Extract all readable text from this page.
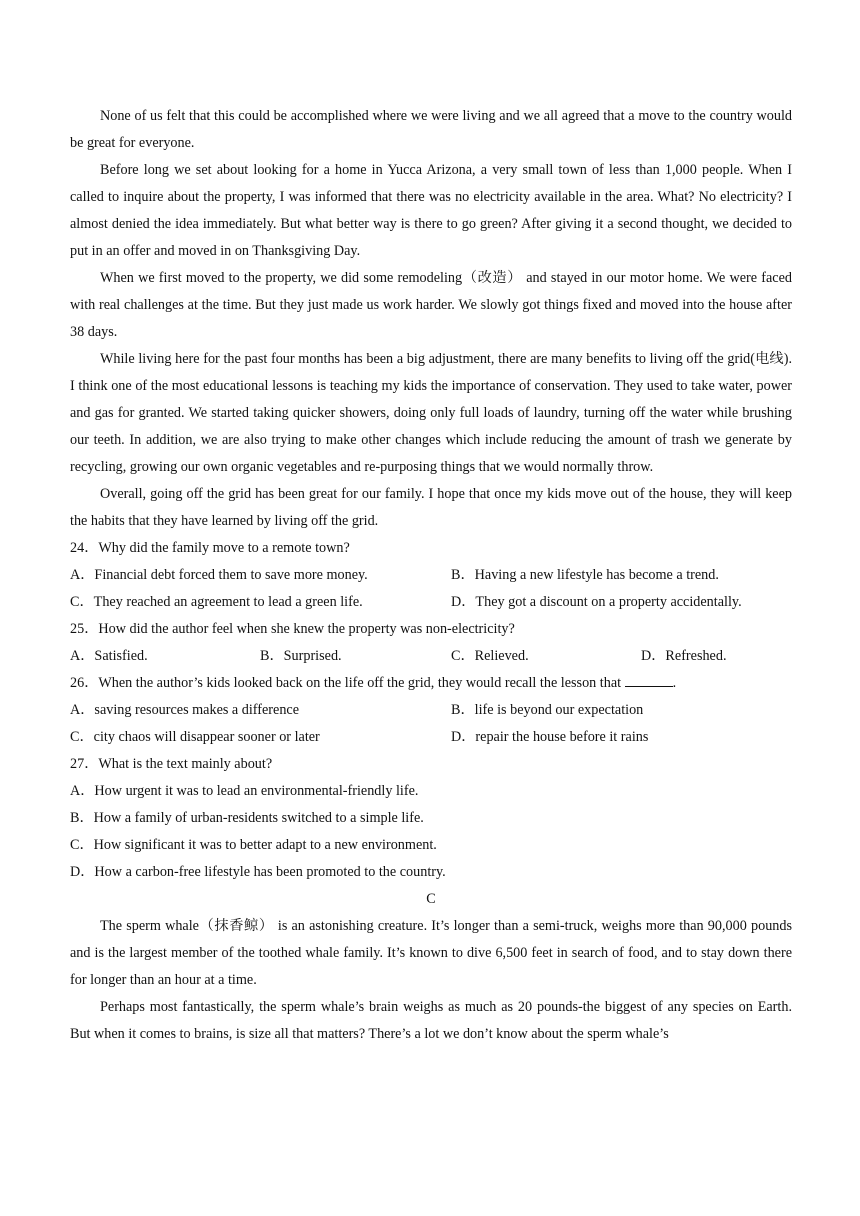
None of us felt that this could be accomplished where we were living and we all agreed that a move to the country would be great for everyone.

Before long we set about looking for a home in Yucca Arizona, a very small town of less than 1,000 people. When I called to inquire about the property, I was informed that there was no electricity available in the area. What? No electricity? I almost denied the idea immediately. But what better way is there to go green? After giving it a second thought, we decided to put in an offer and moved in on Thanksgiving Day.

When we first moved to the property, we did some remodeling（改造） and stayed in our motor home. We were faced with real challenges at the time. But they just made us work harder. We slowly got things fixed and moved into the house after 38 days.

While living here for the past four months has been a big adjustment, there are many benefits to living off the grid(电线). I think one of the most educational lessons is teaching my kids the importance of conservation. They used to take water, power and gas for granted. We started taking quicker showers, doing only full loads of laundry, turning off the water while brushing our teeth. In addition, we are also trying to make other changes which include reducing the amount of trash we generate by recycling, growing our own organic vegetables and re-purposing things that we would normally throw.

Overall, going off the grid has been great for our family. I hope that once my kids move out of the house, they will keep the habits that they have learned by living off the grid.

24．Why did the family move to a remote town?

A．Financial debt forced them to save more money.	B．Having a new lifestyle has become a trend.
C．They reached an agreement to lead a green life.	D．They got a discount on a property accidentally.

25．How did the author feel when she knew the property was non-electricity?

A．Satisfied.	B．Surprised.	C．Relieved.	D．Refreshed.

26．When the author’s kids looked back on the life off the grid, they would recall the lesson that	.

A．saving resources makes a difference	B．life is beyond our expectation
C．city chaos will disappear sooner or later	D．repair the house before it rains

27．What is the text mainly about?

A．How urgent it was to lead an environmental-friendly life.

B．How a family of urban-residents switched to a simple life.

C．How significant it was to better adapt to a new environment.

D．How a carbon-free lifestyle has been promoted to the country.

C

The sperm whale（抹香鲸） is an astonishing creature. It’s longer than a semi-truck, weighs more than 90,000 pounds and is the largest member of the toothed whale family. It’s known to dive 6,500 feet in search of food, and to stay down there for longer than an hour at a time.

Perhaps most fantastically, the sperm whale’s brain weighs as much as 20 pounds-the biggest of any species on Earth. But when it comes to brains, is size all that matters? There’s a lot we don’t know about the sperm whale’s
